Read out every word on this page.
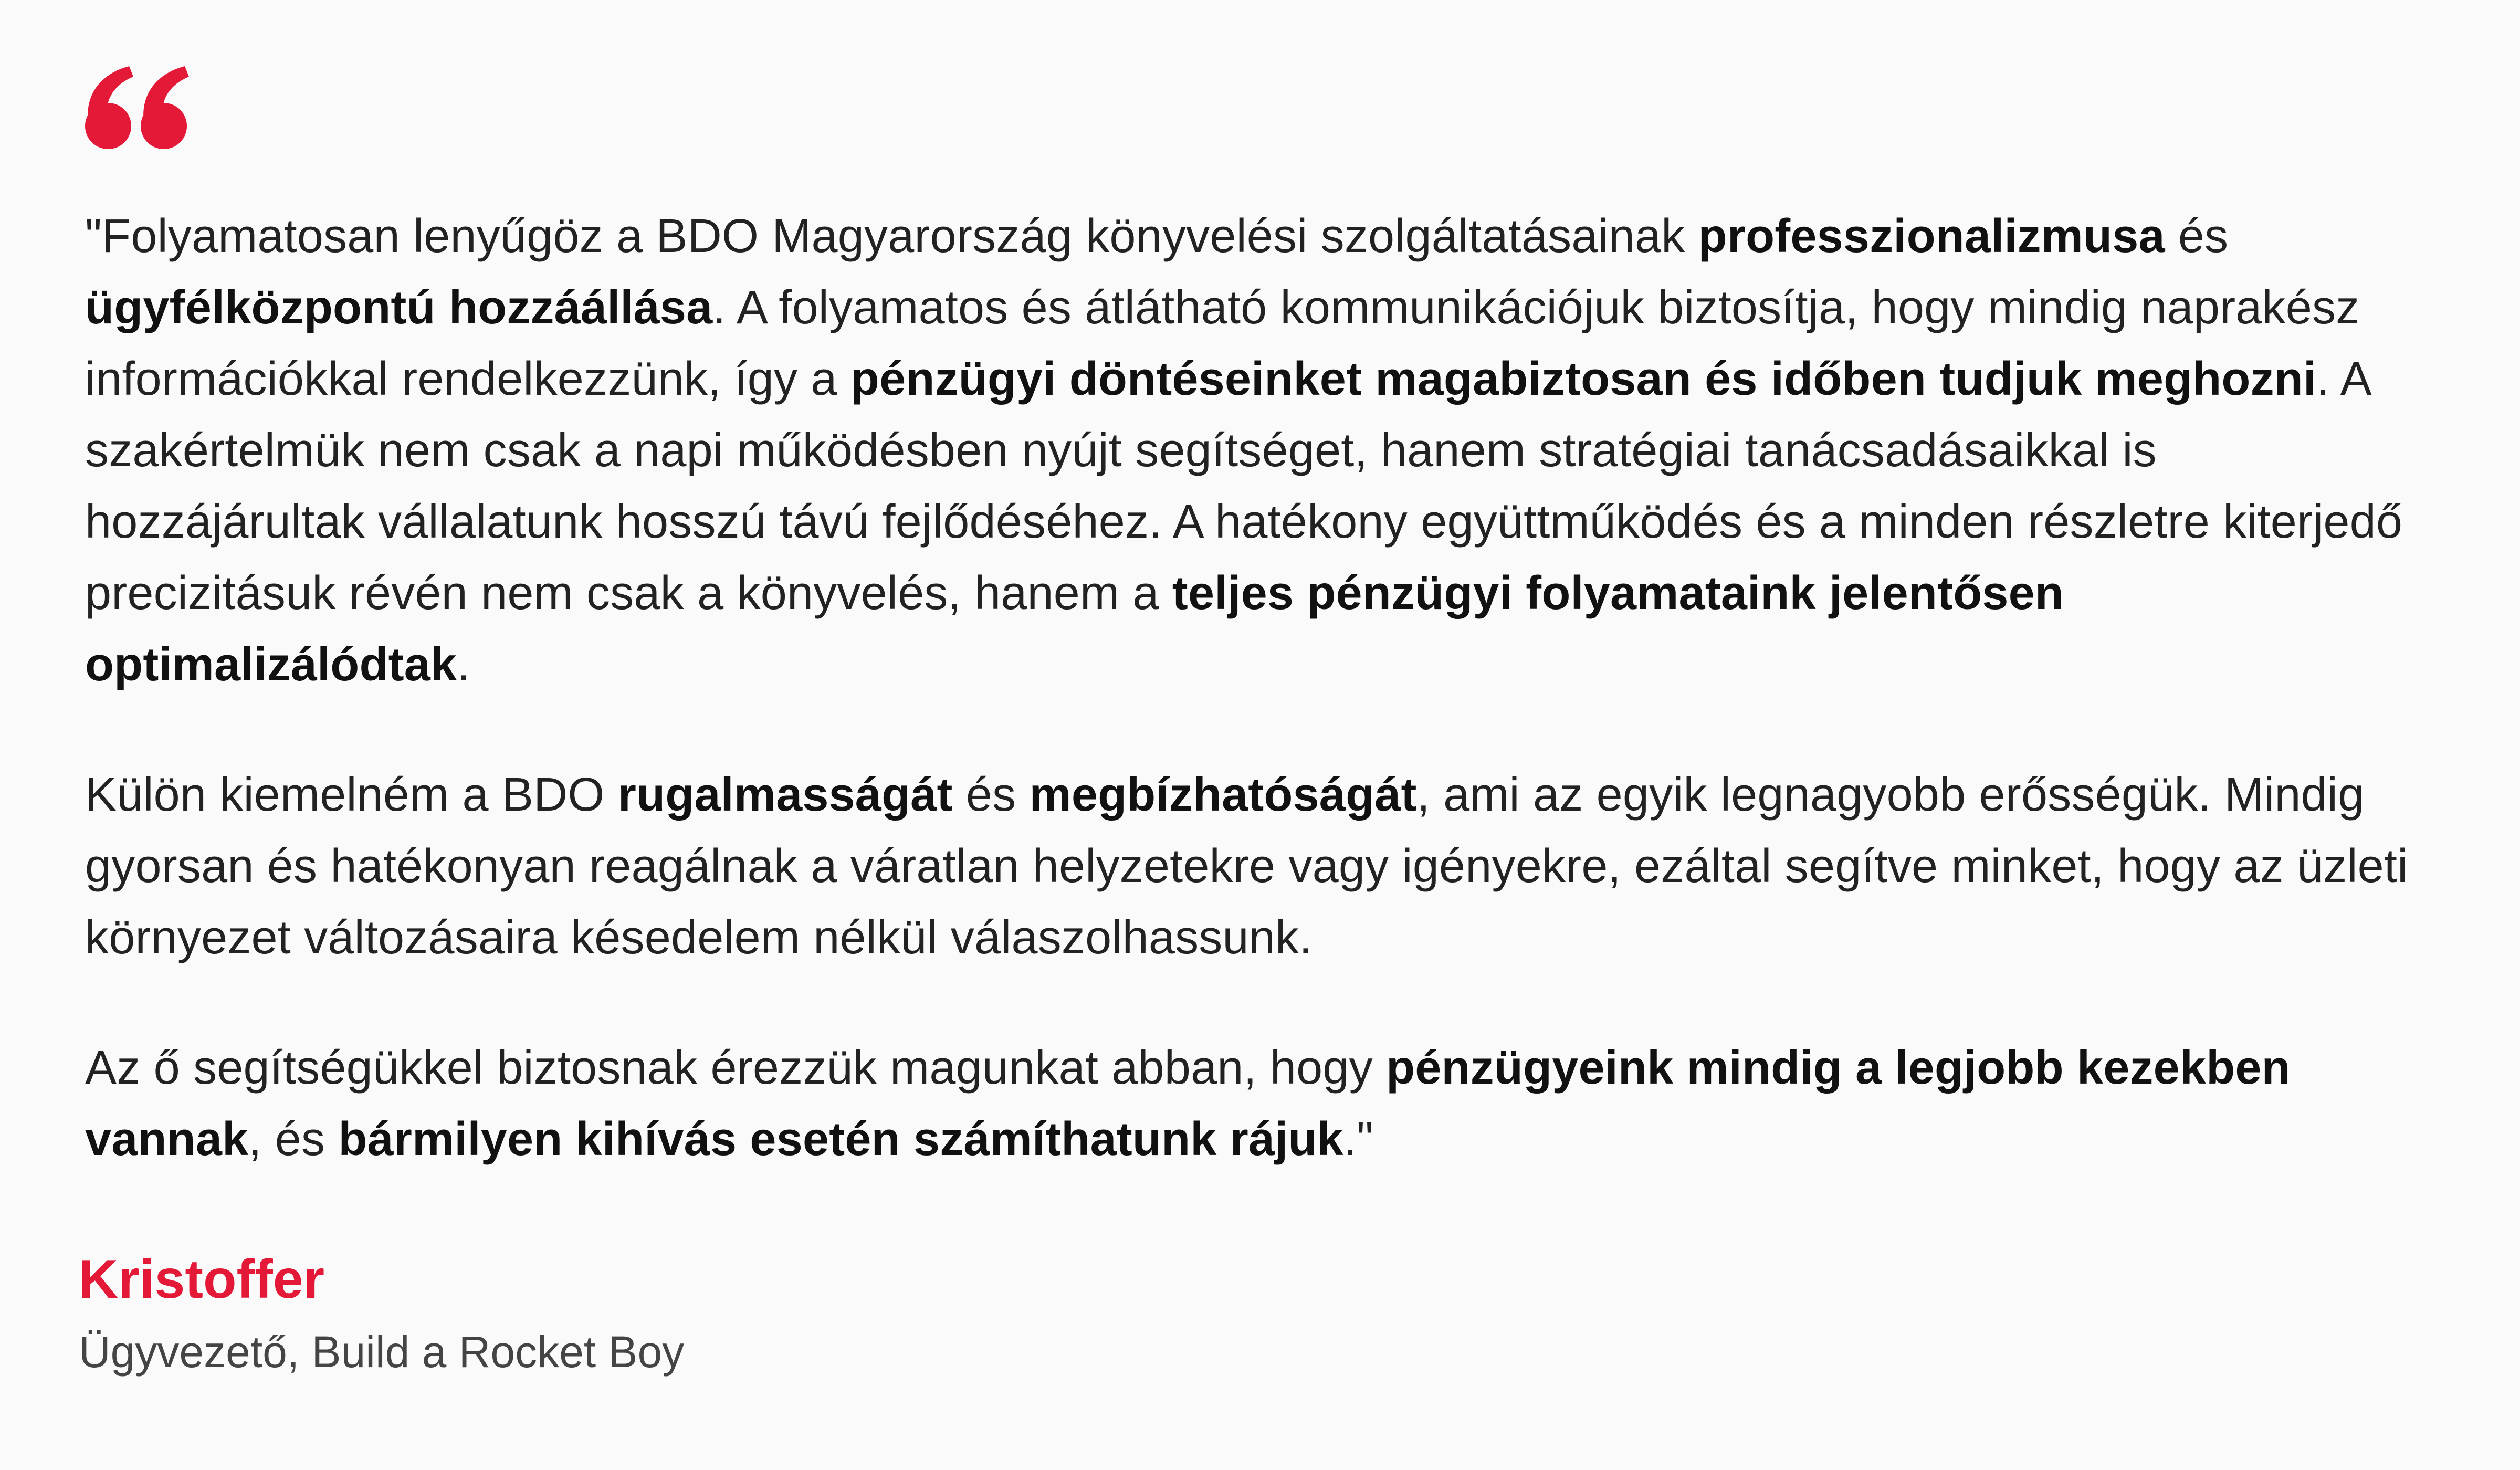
"Folyamatosan lenyűgöz a BDO Magyarország könyvelési szolgáltatásainak professzionalizmusa és ügyfélközpontú hozzáállása. A folyamatos és átlátható kommunikációjuk biztosítja, hogy mindig naprakész információkkal rendelkezzünk, így a pénzügyi döntéseinket magabiztosan és időben tudjuk meghozni. A szakértelmük nem csak a napi működésben nyújt segítséget, hanem stratégiai tanácsadásaikkal is hozzájárultak vállalatunk hosszú távú fejlődéséhez. A hatékony együttműködés és a minden részletre kiterjedő precizitásuk révén nem csak a könyvelés, hanem a teljes pénzügyi folyamataink jelentősen optimalizálódtak.

Külön kiemelném a BDO rugalmasságát és megbízhatóságát, ami az egyik legnagyobb erősségük. Mindig gyorsan és hatékonyan reagálnak a váratlan helyzetekre vagy igényekre, ezáltal segítve minket, hogy az üzleti környezet változásaira késedelem nélkül válaszolhassunk.

Az ő segítségükkel biztosnak érezzük magunkat abban, hogy pénzügyeink mindig a legjobb kezekben vannak, és bármilyen kihívás esetén számíthatunk rájuk."

Kristoffer
Ügyvezető, Build a Rocket Boy
